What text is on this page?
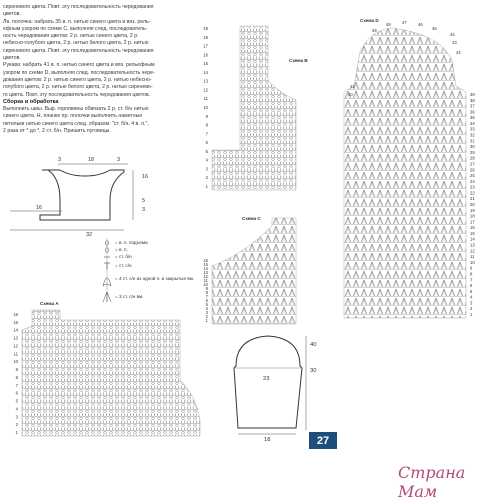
сиреневого цвета. Повт. эту последовательность чередования

цветов.

Лв. полочка: набрать 35 в. п. нитью синего цвета и вяз. рель-

ефным узором по схеме С, выполняя след. последователь-

ность чередования цветов: 2 р. нитью синего цвета, 2 р.

небесно-голубого цвета, 2 р. нитью белого цвета, 2 р. нитью

сиреневого цвета. Повт. эту последовательность чередования

цветов.

Рукава: набрать 41 в. п. нитью синего цвета и вяз. рельефным

узором по схеме D, выполняя след. последовательность чере-

дования цветов: 2 р. нитью синего цвета, 2 р. нитью небесно-

голубого цвета, 2 р. нитью белого цвета, 2 р. нитью сиренево-

го цвета. Повт. эту последовательность чередования цветов.

Сборка и обработка

Выполнить швы. Выр. горловины обвязать 2 р. ст. б/н нитью

синего цвета. Н. планке пр. полочки выполнить наметные

петельки нитью синего цвета след. образом: "ст. б/н, 4 в. п.",

2 раза от * до *, 2 ст. б/н. Пришить пуговицы.

3	18	3
16
5
3
16
32
= в. п. подъема
= в. п.
= ст. б/н
= ст. с/н
= 4 ст. с/н из одной п. и закрытые вм.
= 3 ст. с/н вм.
Схема B
19
18
17
16
15
14
13
12
11
10
9
8
7
6
5
4
3
2
1
Схема C
16
15
14
13
12
11
10
9
8
7
6
5
4
3
2
1
Схема D
49
48	47	46
45
44
43
42
41
40	39
38
37
36
35
34
33
32
31
30
29
28
27
26
25
24
23
22
21
20
19
18
17
16
15
14
13
12
11
10
9
8
7
6
5
4
3
2
1
Схема A
16
15
14
13
12
11
10
9
8
7
6
5
4
3
2
1
23
40
30
18	27
Страна Мам
